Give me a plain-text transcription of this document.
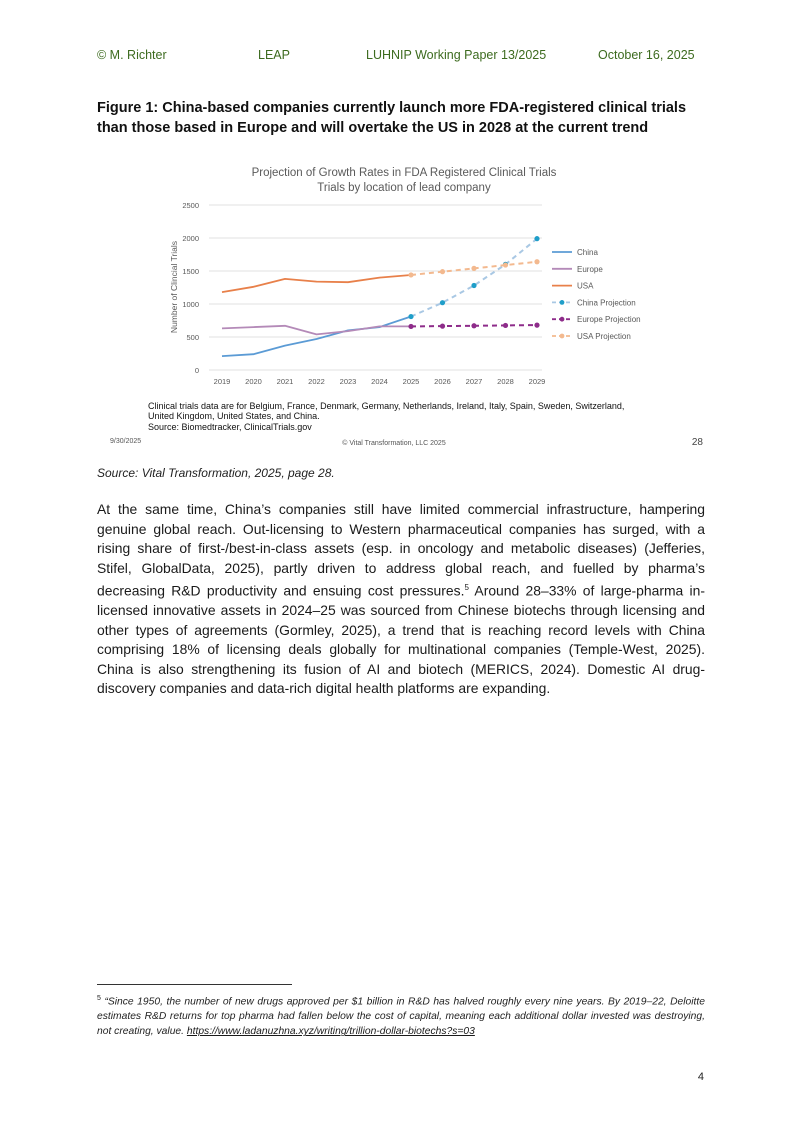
© M. Richter	LEAP	LUHNIP Working Paper 13/2025	October 16, 2025
Figure 1: China-based companies currently launch more FDA-registered clinical trials than those based in Europe and will overtake the US in 2028 at the current trend
Projection of Growth Rates in FDA Registered Clinical Trials
Trials by location of lead company
0
500
1000
1500
2000
2500
2019 2020 2021 2022 2023 2024 2025 2026 2027 2028 2029
Number of Clincial Trials	China
Europe
USA
China Projection
Europe Projection
USA Projection
Clinical trials data are for Belgium, France, Denmark, Germany, Netherlands, Ireland, Italy, Spain, Sweden, Switzerland,
United Kingdom, United States, and China.
Source: Biomedtracker, ClinicalTrials.gov
9/30/2025	© Vital Transformation, LLC 2025	28
Source: Vital Transformation, 2025, page 28.
At the same time, China’s companies still have limited commercial infrastructure, hampering genuine global reach. Out-licensing to Western pharmaceutical companies has surged, with a rising share of first-/best-in-class assets (esp. in oncology and metabolic diseases) (Jefferies, Stifel, GlobalData, 2025), partly driven to address global reach, and fuelled by pharma’s decreasing R&D productivity and ensuing cost pressures.$^5$ Around 28–33% of large-pharma in-licensed innovative assets in 2024–25 was sourced from Chinese biotechs through licensing and other types of agreements (Gormley, 2025), a trend that is reaching record levels with China comprising 18% of licensing deals globally for multinational companies (Temple-West, 2025). China is also strengthening its fusion of AI and biotech (MERICS, 2024). Domestic AI drug-discovery companies and data-rich digital health platforms are expanding.
$^5$ “Since 1950, the number of new drugs approved per $1 billion in R&D has halved roughly every nine years. By 2019–22, Deloitte estimates R&D returns for top pharma had fallen below the cost of capital, meaning each additional dollar invested was destroying, not creating, value. https://www.ladanuzhna.xyz/writing/trillion-dollar-biotechs?s=03
4
